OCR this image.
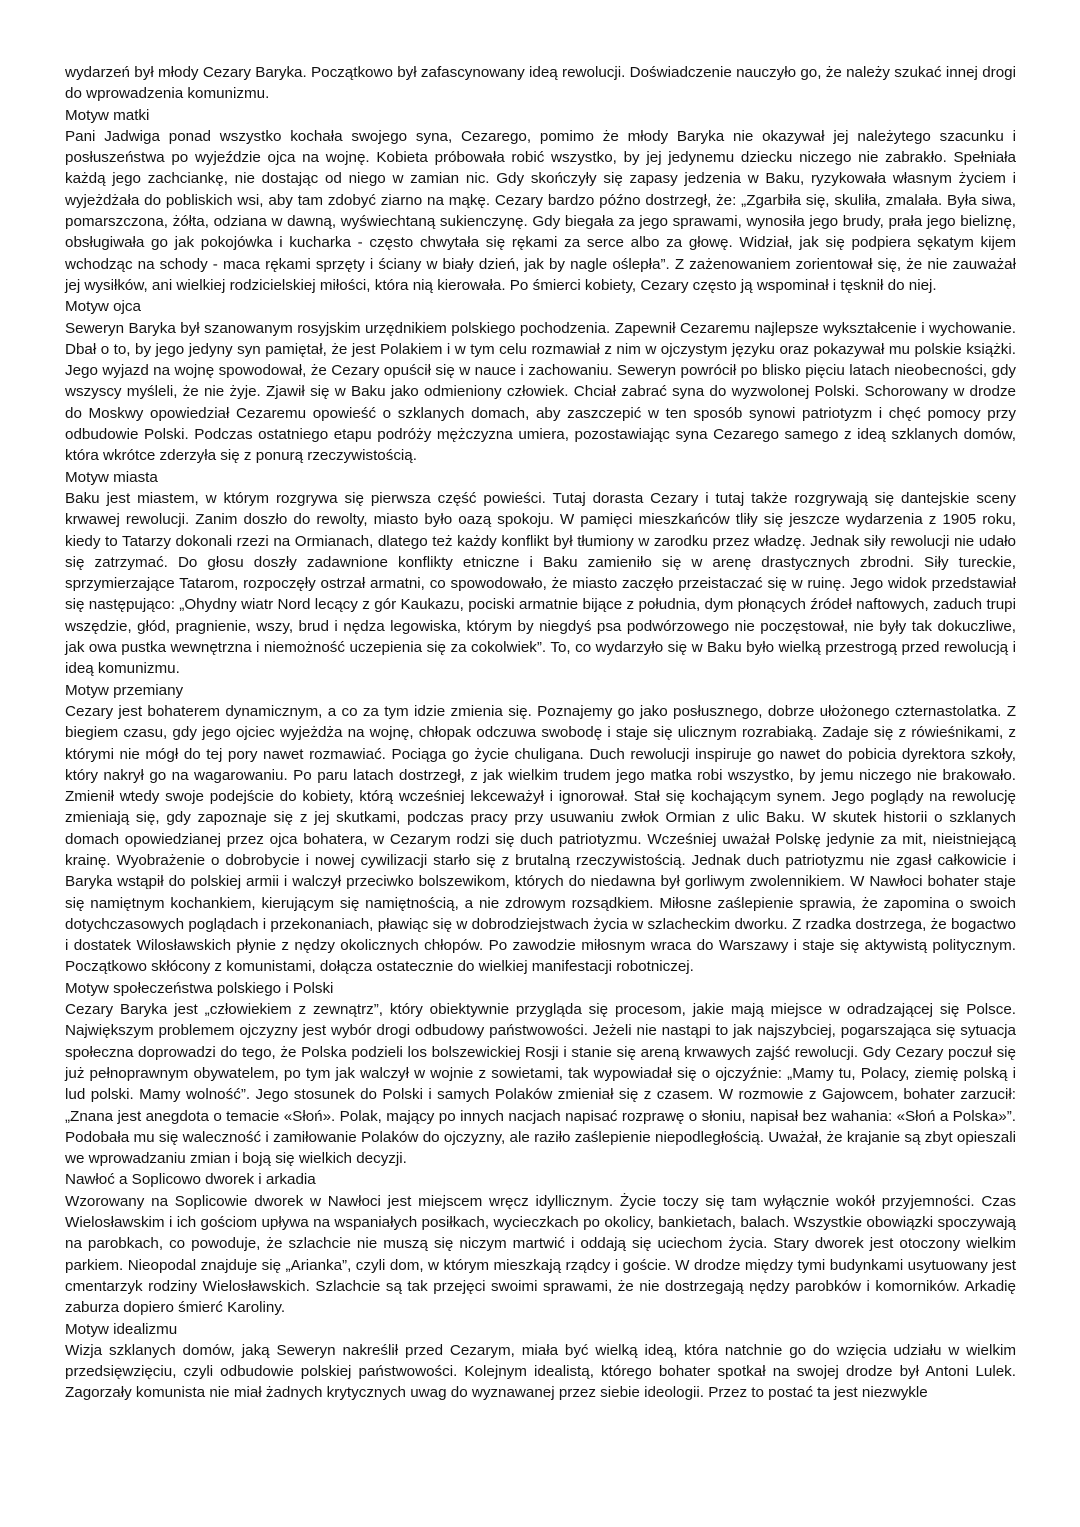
wydarzeń był młody Cezary Baryka. Początkowo był zafascynowany ideą rewolucji. Doświadczenie nauczyło go, że należy szukać innej drogi do wprowadzenia komunizmu.

Motyw matki

Pani Jadwiga ponad wszystko kochała swojego syna, Cezarego, pomimo że młody Baryka nie okazywał jej należytego szacunku i posłuszeństwa po wyjeździe ojca na wojnę. Kobieta próbowała robić wszystko, by jej jedynemu dziecku niczego nie zabrakło. Spełniała każdą jego zachciankę, nie dostając od niego w zamian nic. Gdy skończyły się zapasy jedzenia w Baku, ryzykowała własnym życiem i wyjeżdżała do pobliskich wsi, aby tam zdobyć ziarno na mąkę. Cezary bardzo późno dostrzegł, że: „Zgarbiła się, skuliła, zmalała. Była siwa, pomarszczona, żółta, odziana w dawną, wyświechtaną sukienczynę. Gdy biegała za jego sprawami, wynosiła jego brudy, prała jego bieliznę, obsługiwała go jak pokojówka i kucharka - często chwytała się rękami za serce albo za głowę. Widział, jak się podpiera sękatym kijem wchodząc na schody - maca rękami sprzęty i ściany w biały dzień, jak by nagle oślepła”. Z zażenowaniem zorientował się, że nie zauważał jej wysiłków, ani wielkiej rodzicielskiej miłości, która nią kierowała. Po śmierci kobiety, Cezary często ją wspominał i tęsknił do niej.

Motyw ojca

Seweryn Baryka był szanowanym rosyjskim urzędnikiem polskiego pochodzenia. Zapewnił Cezaremu najlepsze wykształcenie i wychowanie. Dbał o to, by jego jedyny syn pamiętał, że jest Polakiem i w tym celu rozmawiał z nim w ojczystym języku oraz pokazywał mu polskie książki. Jego wyjazd na wojnę spowodował, że Cezary opuścił się w nauce i zachowaniu. Seweryn powrócił po blisko pięciu latach nieobecności, gdy wszyscy myśleli, że nie żyje. Zjawił się w Baku jako odmieniony człowiek. Chciał zabrać syna do wyzwolonej Polski. Schorowany w drodze do Moskwy opowiedział Cezaremu opowieść o szklanych domach, aby zaszczepić w ten sposób synowi patriotyzm i chęć pomocy przy odbudowie Polski. Podczas ostatniego etapu podróży mężczyzna umiera, pozostawiając syna Cezarego samego z ideą szklanych domów, która wkrótce zderzyła się z ponurą rzeczywistością.

Motyw miasta

Baku jest miastem, w którym rozgrywa się pierwsza część powieści. Tutaj dorasta Cezary i tutaj także rozgrywają się dantejskie sceny krwawej rewolucji. Zanim doszło do rewolty, miasto było oazą spokoju. W pamięci mieszkańców tliły się jeszcze wydarzenia z 1905 roku, kiedy to Tatarzy dokonali rzezi na Ormianach, dlatego też każdy konflikt był tłumiony w zarodku przez władzę. Jednak siły rewolucji nie udało się zatrzymać. Do głosu doszły zadawnione konflikty etniczne i Baku zamieniło się w arenę drastycznych zbrodni. Siły tureckie, sprzymierzające Tatarom, rozpoczęły ostrzał armatni, co spowodowało, że miasto zaczęło przeistaczać się w ruinę. Jego widok przedstawiał się następująco: „Ohydny wiatr Nord lecący z gór Kaukazu, pociski armatnie bijące z południa, dym płonących źródeł naftowych, zaduch trupi wszędzie, głód, pragnienie, wszy, brud i nędza legowiska, którym by niegdyś psa podwórzowego nie poczęstował, nie były tak dokuczliwe, jak owa pustka wewnętrzna i niemożność uczepienia się za cokolwiek”. To, co wydarzyło się w Baku było wielką przestrogą przed rewolucją i ideą komunizmu.

Motyw przemiany

Cezary jest bohaterem dynamicznym, a co za tym idzie zmienia się. Poznajemy go jako posłusznego, dobrze ułożonego czternastolatka. Z biegiem czasu, gdy jego ojciec wyjeżdża na wojnę, chłopak odczuwa swobodę i staje się ulicznym rozrabiaką. Zadaje się z rówieśnikami, z którymi nie mógł do tej pory nawet rozmawiać. Pociąga go życie chuligana. Duch rewolucji inspiruje go nawet do pobicia dyrektora szkoły, który nakrył go na wagarowaniu. Po paru latach dostrzegł, z jak wielkim trudem jego matka robi wszystko, by jemu niczego nie brakowało. Zmienił wtedy swoje podejście do kobiety, którą wcześniej lekceważył i ignorował. Stał się kochającym synem. Jego poglądy na rewolucję zmieniają się, gdy zapoznaje się z jej skutkami, podczas pracy przy usuwaniu zwłok Ormian z ulic Baku. W skutek historii o szklanych domach opowiedzianej przez ojca bohatera, w Cezarym rodzi się duch patriotyzmu. Wcześniej uważał Polskę jedynie za mit, nieistniejącą krainę. Wyobrażenie o dobrobycie i nowej cywilizacji starło się z brutalną rzeczywistością. Jednak duch patriotyzmu nie zgasł całkowicie i Baryka wstąpił do polskiej armii i walczył przeciwko bolszewikom, których do niedawna był gorliwym zwolennikiem. W Nawłoci bohater staje się namiętnym kochankiem, kierującym się namiętnością, a nie zdrowym rozsądkiem. Miłosne zaślepienie sprawia, że zapomina o swoich dotychczasowych poglądach i przekonaniach, pławiąc się w dobrodziejstwach życia w szlacheckim dworku. Z rzadka dostrzega, że bogactwo i dostatek Wilosławskich płynie z nędzy okolicznych chłopów. Po zawodzie miłosnym wraca do Warszawy i staje się aktywistą politycznym. Początkowo skłócony z komunistami, dołącza ostatecznie do wielkiej manifestacji robotniczej.

Motyw społeczeństwa polskiego i Polski

Cezary Baryka jest „człowiekiem z zewnątrz”, który obiektywnie przygląda się procesom, jakie mają miejsce w odradzającej się Polsce. Największym problemem ojczyzny jest wybór drogi odbudowy państwowości. Jeżeli nie nastąpi to jak najszybciej, pogarszająca się sytuacja społeczna doprowadzi do tego, że Polska podzieli los bolszewickiej Rosji i stanie się areną krwawych zajść rewolucji. Gdy Cezary poczuł się już pełnoprawnym obywatelem, po tym jak walczył w wojnie z sowietami, tak wypowiadał się o ojczyźnie: „Mamy tu, Polacy, ziemię polską i lud polski. Mamy wolność”. Jego stosunek do Polski i samych Polaków zmieniał się z czasem. W rozmowie z Gajowcem, bohater zarzucił: „Znana jest anegdota o temacie «Słoń». Polak, mający po innych nacjach napisać rozprawę o słoniu, napisał bez wahania: «Słoń a Polska»”. Podobała mu się waleczność i zamiłowanie Polaków do ojczyzny, ale raziło zaślepienie niepodległością. Uważał, że krajanie są zbyt opieszali we wprowadzaniu zmian i boją się wielkich decyzji.

Nawłoć a Soplicowo dworek i arkadia

Wzorowany na Soplicowie dworek w Nawłoci jest miejscem wręcz idyllicznym. Życie toczy się tam wyłącznie wokół przyjemności. Czas Wielosławskim i ich gościom upływa na wspaniałych posiłkach, wycieczkach po okolicy, bankietach, balach. Wszystkie obowiązki spoczywają na parobkach, co powoduje, że szlachcie nie muszą się niczym martwić i oddają się uciechom życia. Stary dworek jest otoczony wielkim parkiem. Nieopodal znajduje się „Arianka”, czyli dom, w którym mieszkają rządcy i goście. W drodze między tymi budynkami usytuowany jest cmentarzyk rodziny Wielosławskich. Szlachcie są tak przejęci swoimi sprawami, że nie dostrzegają nędzy parobków i komorników. Arkadię zaburza dopiero śmierć Karoliny.

Motyw idealizmu

Wizja szklanych domów, jaką Seweryn nakreślił przed Cezarym, miała być wielką ideą, która natchnie go do wzięcia udziału w wielkim przedsięwzięciu, czyli odbudowie polskiej państwowości. Kolejnym idealistą, którego bohater spotkał na swojej drodze był Antoni Lulek. Zagorzały komunista nie miał żadnych krytycznych uwag do wyznawanej przez siebie ideologii. Przez to postać ta jest niezwykle
